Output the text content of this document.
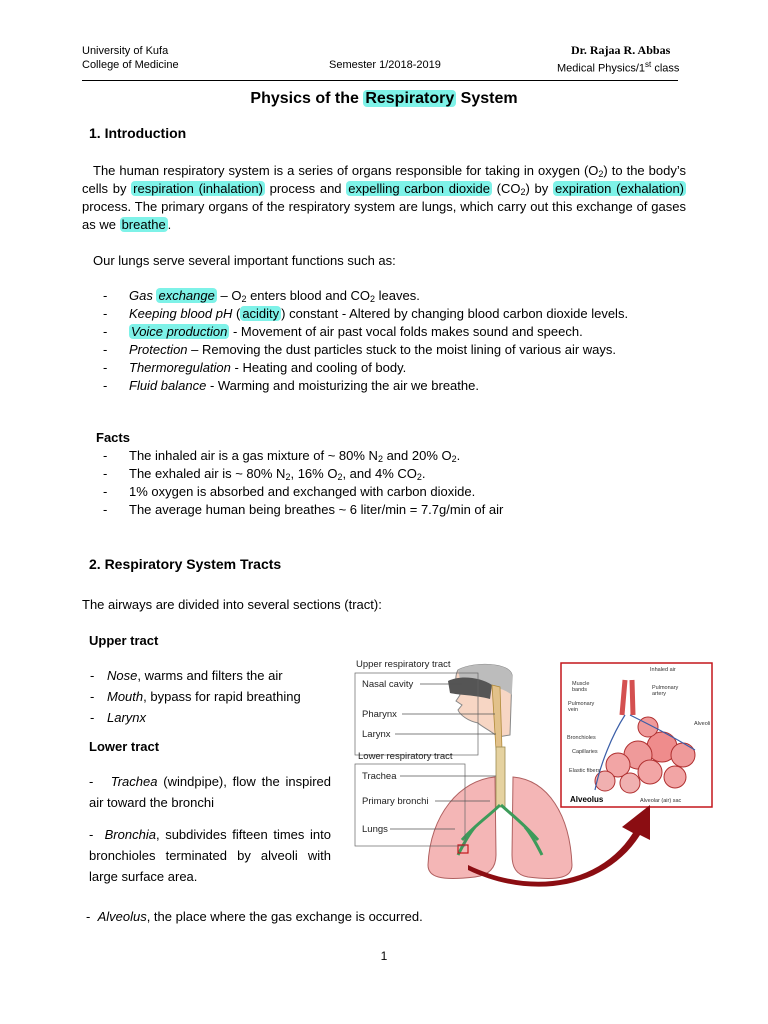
University of Kufa
College of Medicine	Semester 1/2018-2019
Dr. Rajaa R. Abbas
Medical Physics/1st class
Physics of the Respiratory System
1. Introduction
The human respiratory system is a series of organs responsible for taking in oxygen $(O_2)$ to the body’s cells by respiration (inhalation) process and expelling carbon dioxide $(CO_2)$ by expiration (exhalation) process. The primary organs of the respiratory system are lungs, which carry out this exchange of gases as we breathe .
Our lungs serve several important functions such as:
- Gas exchange – $O_2$ enters blood and $CO_2$ leaves.
- Keeping blood pH ( acidity ) constant - Altered by changing blood carbon dioxide levels.
- Voice production - Movement of air past vocal folds makes sound and speech.
- Protection – Removing the dust particles stuck to the moist lining of various air ways.
- Thermoregulation - Heating and cooling of body.
- Fluid balance - Warming and moisturizing the air we breathe.
Facts
- The inhaled air is a gas mixture of ~ 80% $N_2$ and 20% $O_2$.
- The exhaled air is ~ 80% $N_2$, 16% $O_2$, and 4% $CO_2$.
- 1% oxygen is absorbed and exchanged with carbon dioxide.
- The average human being breathes ~ 6 liter/min = 7.7g/min of air
2. Respiratory System Tracts
The airways are divided into several sections (tract):
Upper tract
- Nose, warms and filters the air
- Mouth, bypass for rapid breathing
- Larynx
Lower tract
-   Trachea (windpipe), flow the inspired air toward the bronchi
-  Bronchia, subdivides fifteen times into bronchioles terminated by alveoli with large surface area.
-  Alveolus, the place where the gas exchange is occurred.
Upper respiratory tract
Nasal cavity
Pharynx
Larynx
Lower respiratory tract
Trachea
Primary bronchi
Lungs
Inhaled air
Muscle
bands	Pulmonary
artery
Pulmonary
vein
Alveoli
Bronchioles
Capillaries
Elastic fibers
Alveolus	Alveolar (air) sac
1
